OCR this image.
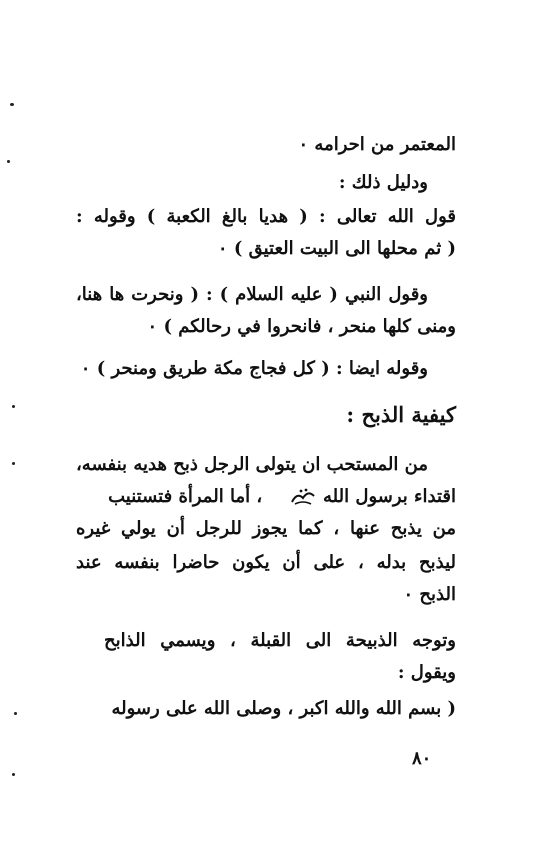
المعتمر من احرامه ٠
ودليل ذلك :
قول الله تعالى : ( هديا بالغ الكعبة ) وقوله :
( ثم محلها الى البيت العتيق ) ٠
وقول النبي ( عليه السلام ) : ( ونحرت ها هنا،
ومنى كلها منحر ، فانحروا في رحالكم ) ٠
وقوله ايضا : ( كل فجاج مكة طريق ومنحر ) ٠
كيفية الذبح :
من المستحب ان يتولى الرجل ذبح هديه بنفسه،
اقتداء برسول الله   ، أما المرأة فتستنيب
من يذبح عنها ، كما يجوز للرجل أن يولي غيره
ليذبح بدله ، على أن يكون حاضرا بنفسه عند
الذبح ٠
وتوجه الذبيحة الى القبلة ، ويسمي الذابح
ويقول :
( بسم الله والله اكبر ، وصلى الله على رسوله
٨٠
